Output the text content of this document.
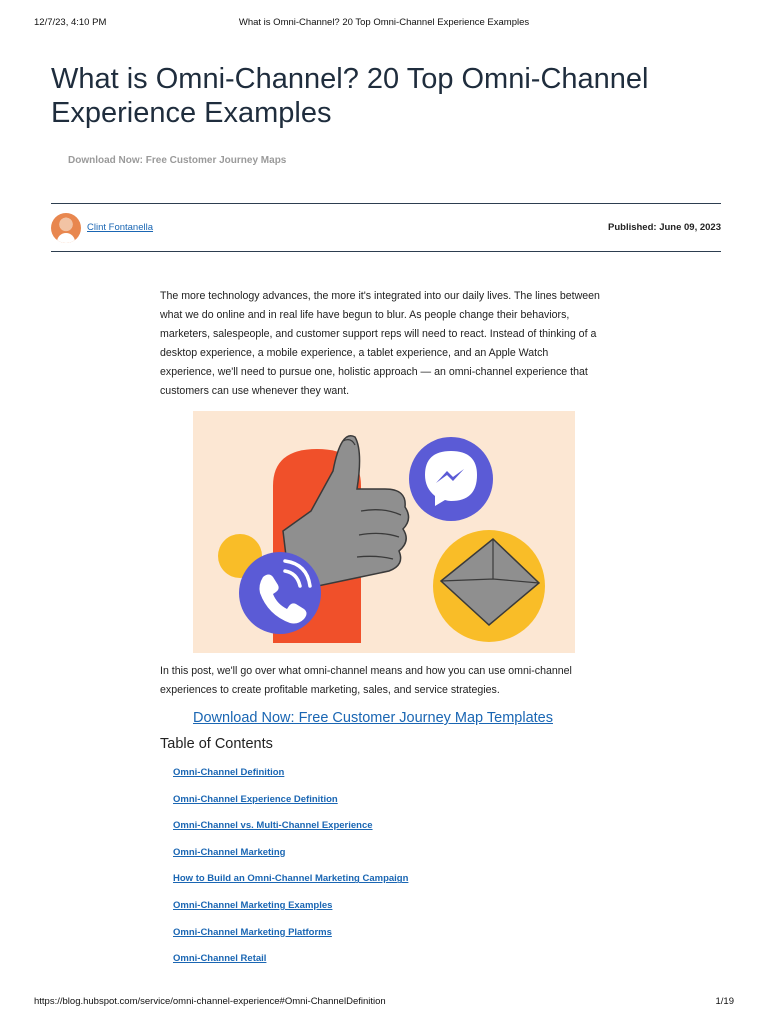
12/7/23, 4:10 PM	What is Omni-Channel? 20 Top Omni-Channel Experience Examples
What is Omni-Channel? 20 Top Omni-Channel Experience Examples
Download Now: Free Customer Journey Maps
Clint Fontanella	Published: June 09, 2023

The more technology advances, the more it's integrated into our daily lives. The lines between what we do online and in real life have begun to blur. As people change their behaviors, marketers, salespeople, and customer support reps will need to react. Instead of thinking of a desktop experience, a mobile experience, a tablet experience, and an Apple Watch experience, we'll need to pursue one, holistic approach — an omni-channel experience that customers can use whenever they want.

In this post, we'll go over what omni-channel means and how you can use omni-channel experiences to create profitable marketing, sales, and service strategies.

Download Now: Free Customer Journey Map Templates
Table of Contents
Omni-Channel Definition
Omni-Channel Experience Definition
Omni-Channel vs. Multi-Channel Experience
Omni-Channel Marketing
How to Build an Omni-Channel Marketing Campaign
Omni-Channel Marketing Examples
Omni-Channel Marketing Platforms
Omni-Channel Retail
https://blog.hubspot.com/service/omni-channel-experience#Omni-ChannelDefinition	1/19
